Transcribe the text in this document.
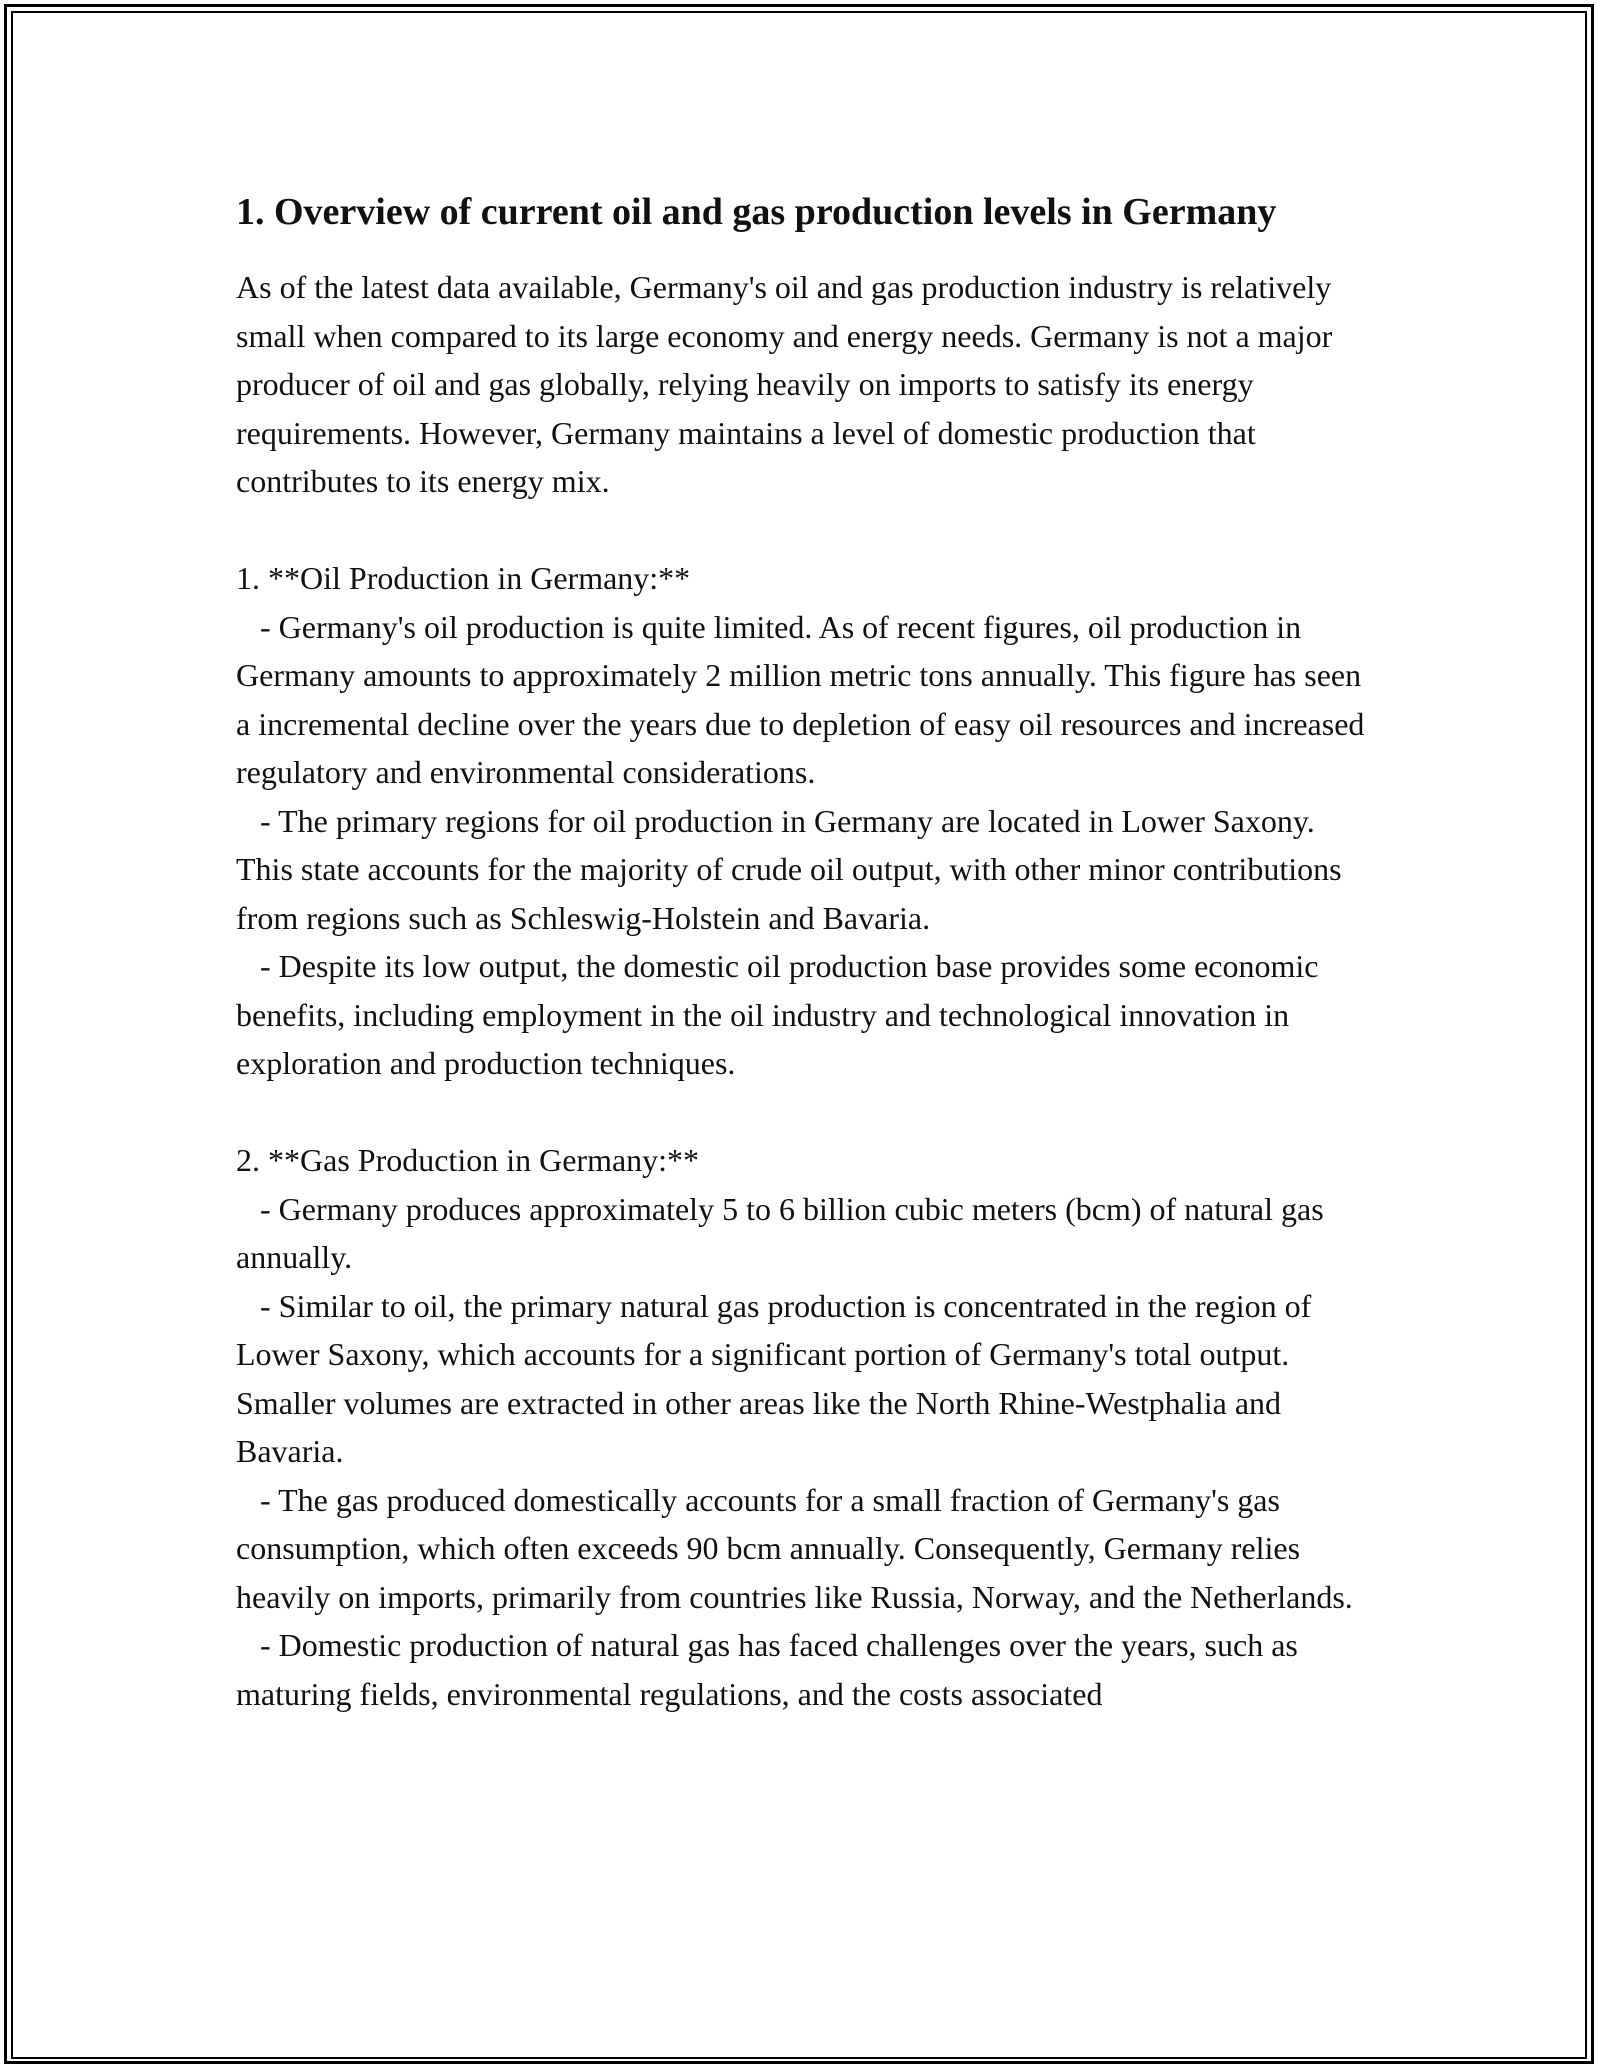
1. Overview of current oil and gas production levels in Germany

As of the latest data available, Germany's oil and gas production industry is relatively small when compared to its large economy and energy needs. Germany is not a major producer of oil and gas globally, relying heavily on imports to satisfy its energy requirements. However, Germany maintains a level of domestic production that contributes to its energy mix.

1. **Oil Production in Germany:**

- Germany's oil production is quite limited. As of recent figures, oil production in Germany amounts to approximately 2 million metric tons annually. This figure has seen a incremental decline over the years due to depletion of easy oil resources and increased regulatory and environmental considerations.

- The primary regions for oil production in Germany are located in Lower Saxony. This state accounts for the majority of crude oil output, with other minor contributions from regions such as Schleswig-Holstein and Bavaria.

- Despite its low output, the domestic oil production base provides some economic benefits, including employment in the oil industry and technological innovation in exploration and production techniques.

2. **Gas Production in Germany:**

- Germany produces approximately 5 to 6 billion cubic meters (bcm) of natural gas annually.

- Similar to oil, the primary natural gas production is concentrated in the region of Lower Saxony, which accounts for a significant portion of Germany's total output. Smaller volumes are extracted in other areas like the North Rhine-Westphalia and Bavaria.

- The gas produced domestically accounts for a small fraction of Germany's gas consumption, which often exceeds 90 bcm annually. Consequently, Germany relies heavily on imports, primarily from countries like Russia, Norway, and the Netherlands.

- Domestic production of natural gas has faced challenges over the years, such as maturing fields, environmental regulations, and the costs associated
